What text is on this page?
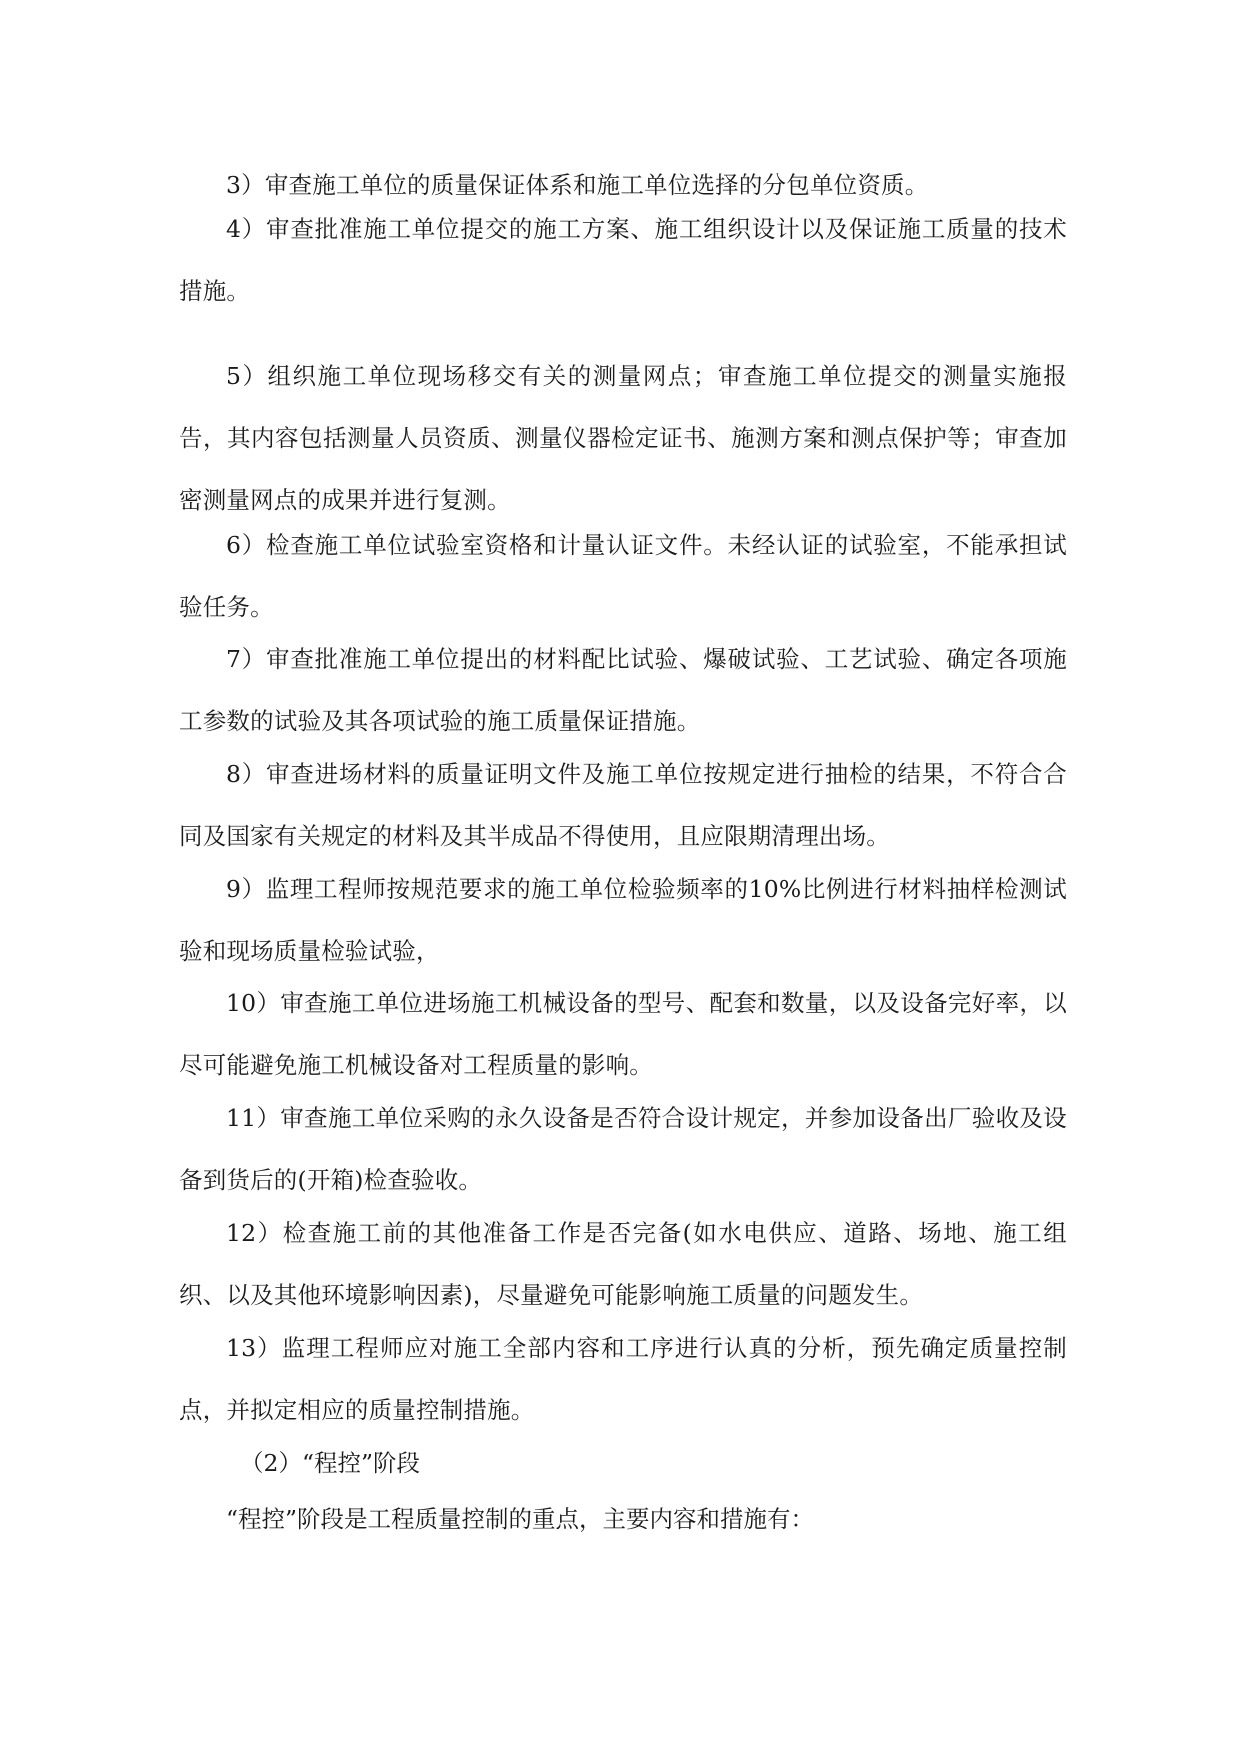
3）审查施工单位的质量保证体系和施工单位选择的分包单位资质。

4）审查批准施工单位提交的施工方案、施工组织设计以及保证施工质量的技术措施。

5）组织施工单位现场移交有关的测量网点；审查施工单位提交的测量实施报告，其内容包括测量人员资质、测量仪器检定证书、施测方案和测点保护等；审查加密测量网点的成果并进行复测。

6）检查施工单位试验室资格和计量认证文件。未经认证的试验室，不能承担试验任务。

7）审查批准施工单位提出的材料配比试验、爆破试验、工艺试验、确定各项施工参数的试验及其各项试验的施工质量保证措施。

8）审查进场材料的质量证明文件及施工单位按规定进行抽检的结果，不符合合同及国家有关规定的材料及其半成品不得使用，且应限期清理出场。

9）监理工程师按规范要求的施工单位检验频率的10%比例进行材料抽样检测试验和现场质量检验试验，

10）审查施工单位进场施工机械设备的型号、配套和数量，以及设备完好率，以尽可能避免施工机械设备对工程质量的影响。

11）审查施工单位采购的永久设备是否符合设计规定，并参加设备出厂验收及设备到货后的(开箱)检查验收。

12）检查施工前的其他准备工作是否完备(如水电供应、道路、场地、施工组织、以及其他环境影响因素)，尽量避免可能影响施工质量的问题发生。

13）监理工程师应对施工全部内容和工序进行认真的分析，预先确定质量控制点，并拟定相应的质量控制措施。

（2）“程控”阶段

“程控”阶段是工程质量控制的重点，主要内容和措施有：
